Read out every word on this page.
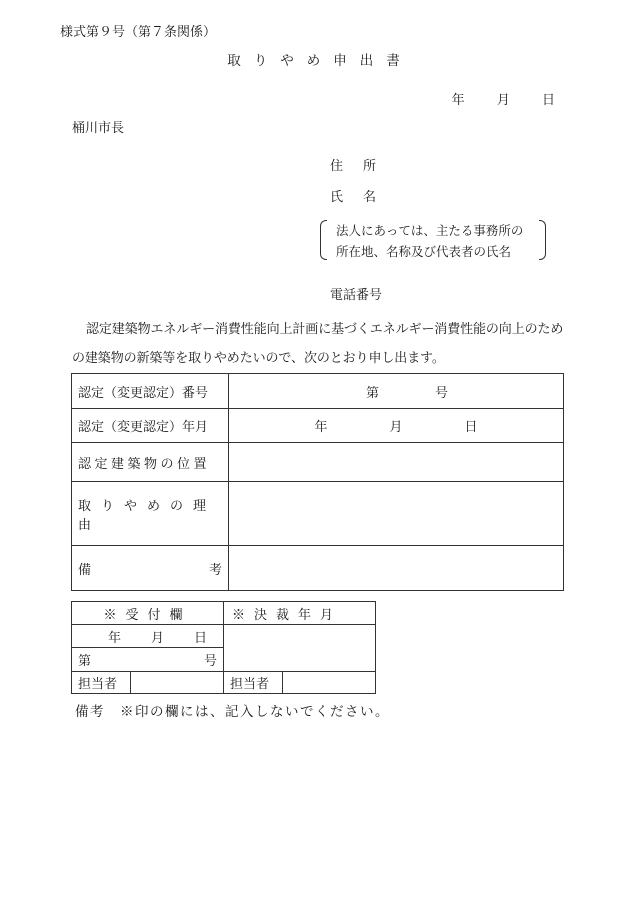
様式第９号（第７条関係）
取りやめ申出書
年 月 日
桶川市長
住所
氏名
法人にあっては、主たる事務所の
所在地、名称及び代表者の氏名
電話番号
認定建築物エネルギー消費性能向上計画に基づくエネルギー消費性能の向上のための建築物の新築等を取りやめたいので、次のとおり申し出ます。
認定（変更認定）番号	第 号

認定（変更認定）年月	年 月 日

認定建築物の位置	
取りやめの理由	

備 考	

※受付欄		※決裁年月	

年 月 日			

第 号			

担当者		担当者	
備考　※印の欄には、記入しないでください。
